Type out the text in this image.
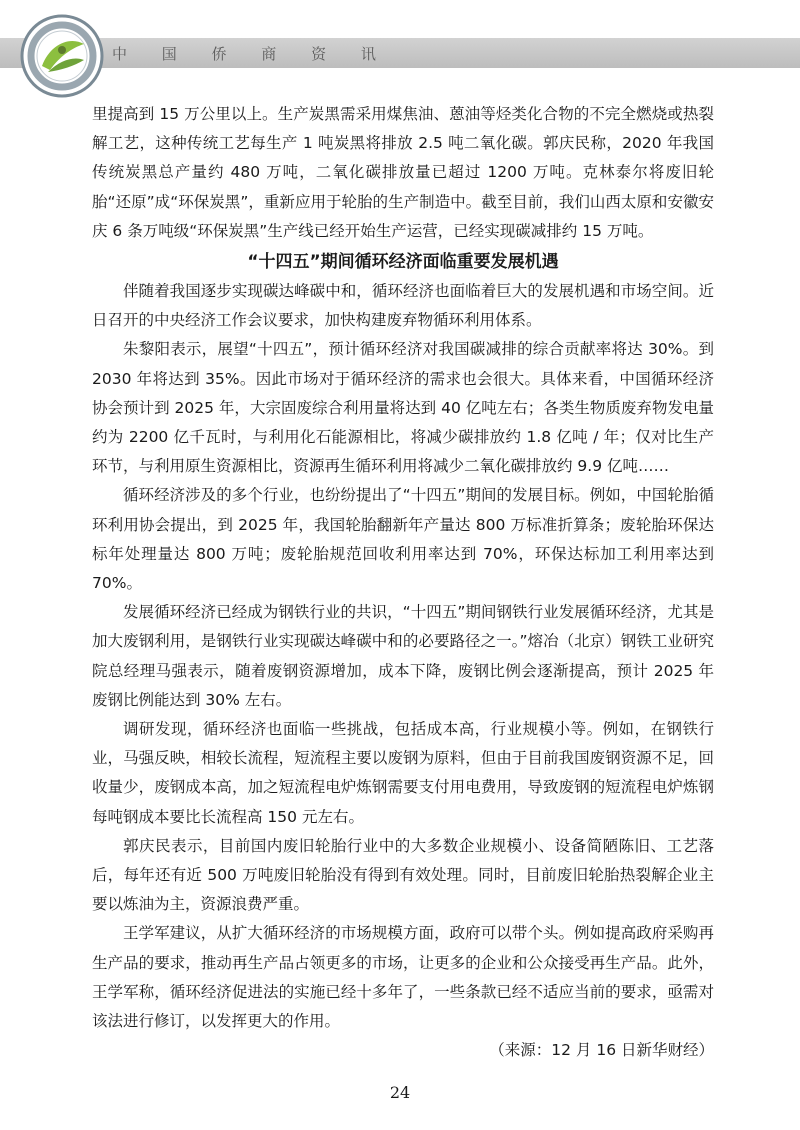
中 国 侨 商 资 讯

里提高到 15 万公里以上。生产炭黑需采用煤焦油、蒽油等烃类化合物的不完全燃烧或热裂解工艺，这种传统工艺每生产 1 吨炭黑将排放 2.5 吨二氧化碳。郭庆民称，2020 年我国传统炭黑总产量约 480 万吨，二氧化碳排放量已超过 1200 万吨。克林泰尔将废旧轮胎“还原”成“环保炭黑”，重新应用于轮胎的生产制造中。截至目前，我们山西太原和安徽安庆 6 条万吨级“环保炭黑”生产线已经开始生产运营，已经实现碳减排约 15 万吨。

“十四五”期间循环经济面临重要发展机遇

伴随着我国逐步实现碳达峰碳中和，循环经济也面临着巨大的发展机遇和市场空间。近日召开的中央经济工作会议要求，加快构建废弃物循环利用体系。

朱黎阳表示，展望“十四五”，预计循环经济对我国碳减排的综合贡献率将达 30%。到 2030 年将达到 35%。因此市场对于循环经济的需求也会很大。具体来看，中国循环经济协会预计到 2025 年，大宗固废综合利用量将达到 40 亿吨左右；各类生物质废弃物发电量约为 2200 亿千瓦时，与利用化石能源相比，将减少碳排放约 1.8 亿吨 / 年；仅对比生产环节，与利用原生资源相比，资源再生循环利用将减少二氧化碳排放约 9.9 亿吨……

循环经济涉及的多个行业，也纷纷提出了“十四五”期间的发展目标。例如，中国轮胎循环利用协会提出，到 2025 年，我国轮胎翻新年产量达 800 万标准折算条；废轮胎环保达标年处理量达 800 万吨；废轮胎规范回收利用率达到 70%，环保达标加工利用率达到 70%。

发展循环经济已经成为钢铁行业的共识，“十四五”期间钢铁行业发展循环经济，尤其是加大废钢利用，是钢铁行业实现碳达峰碳中和的必要路径之一。”熔冶（北京）钢铁工业研究院总经理马强表示，随着废钢资源增加，成本下降，废钢比例会逐渐提高，预计 2025 年废钢比例能达到 30% 左右。

调研发现，循环经济也面临一些挑战，包括成本高，行业规模小等。例如，在钢铁行业，马强反映，相较长流程，短流程主要以废钢为原料，但由于目前我国废钢资源不足，回收量少，废钢成本高，加之短流程电炉炼钢需要支付用电费用，导致废钢的短流程电炉炼钢每吨钢成本要比长流程高 150 元左右。

郭庆民表示，目前国内废旧轮胎行业中的大多数企业规模小、设备简陋陈旧、工艺落后，每年还有近 500 万吨废旧轮胎没有得到有效处理。同时，目前废旧轮胎热裂解企业主要以炼油为主，资源浪费严重。

王学军建议，从扩大循环经济的市场规模方面，政府可以带个头。例如提高政府采购再生产品的要求，推动再生产品占领更多的市场，让更多的企业和公众接受再生产品。此外，王学军称，循环经济促进法的实施已经十多年了，一些条款已经不适应当前的要求，亟需对该法进行修订，以发挥更大的作用。

（来源：12 月 16 日新华财经）

24
